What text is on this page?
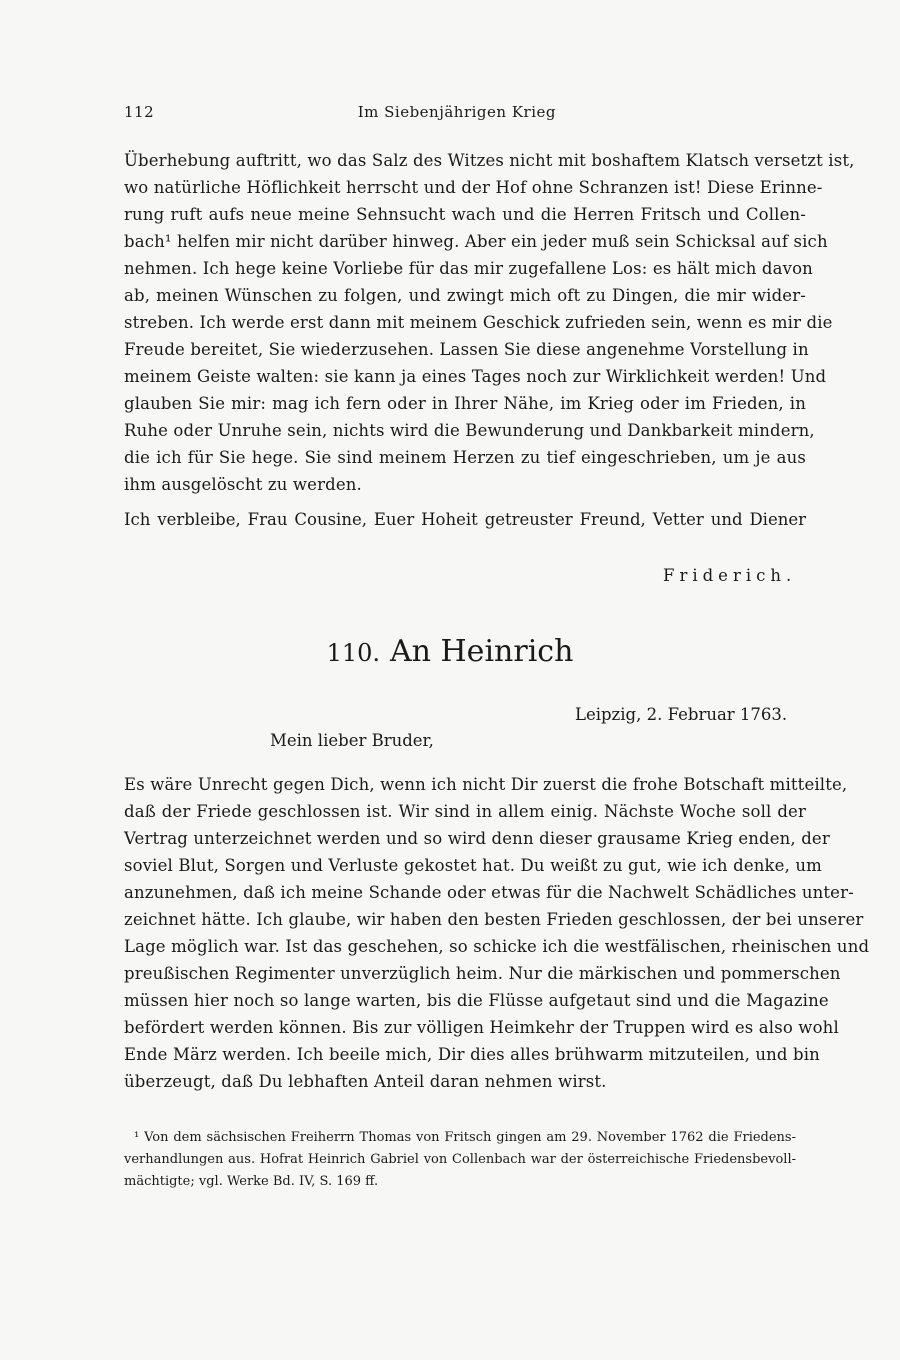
112	Im Siebenjährigen Krieg
Überhebung auftritt, wo das Salz des Witzes nicht mit boshaftem Klatsch versetzt ist,
wo natürliche Höflichkeit herrscht und der Hof ohne Schranzen ist! Diese Erinne-
rung ruft aufs neue meine Sehnsucht wach und die Herren Fritsch und Collen-
bach¹ helfen mir nicht darüber hinweg. Aber ein jeder muß sein Schicksal auf sich
nehmen. Ich hege keine Vorliebe für das mir zugefallene Los: es hält mich davon
ab, meinen Wünschen zu folgen, und zwingt mich oft zu Dingen, die mir wider-
streben. Ich werde erst dann mit meinem Geschick zufrieden sein, wenn es mir die
Freude bereitet, Sie wiederzusehen. Lassen Sie diese angenehme Vorstellung in
meinem Geiste walten: sie kann ja eines Tages noch zur Wirklichkeit werden! Und
glauben Sie mir: mag ich fern oder in Ihrer Nähe, im Krieg oder im Frieden, in
Ruhe oder Unruhe sein, nichts wird die Bewunderung und Dankbarkeit mindern,
die ich für Sie hege. Sie sind meinem Herzen zu tief eingeschrieben, um je aus
ihm ausgelöscht zu werden.
Ich verbleibe, Frau Cousine, Euer Hoheit getreuster Freund, Vetter und Diener
Friderich.
110. An Heinrich
Leipzig, 2. Februar 1763.
Mein lieber Bruder,
Es wäre Unrecht gegen Dich, wenn ich nicht Dir zuerst die frohe Botschaft mitteilte,
daß der Friede geschlossen ist. Wir sind in allem einig. Nächste Woche soll der
Vertrag unterzeichnet werden und so wird denn dieser grausame Krieg enden, der
soviel Blut, Sorgen und Verluste gekostet hat. Du weißt zu gut, wie ich denke, um
anzunehmen, daß ich meine Schande oder etwas für die Nachwelt Schädliches unter-
zeichnet hätte. Ich glaube, wir haben den besten Frieden geschlossen, der bei unserer
Lage möglich war. Ist das geschehen, so schicke ich die westfälischen, rheinischen und
preußischen Regimenter unverzüglich heim. Nur die märkischen und pommerschen
müssen hier noch so lange warten, bis die Flüsse aufgetaut sind und die Magazine
befördert werden können. Bis zur völligen Heimkehr der Truppen wird es also wohl
Ende März werden. Ich beeile mich, Dir dies alles brühwarm mitzuteilen, und bin
überzeugt, daß Du lebhaften Anteil daran nehmen wirst.
¹ Von dem sächsischen Freiherrn Thomas von Fritsch gingen am 29. November 1762 die Friedens-
verhandlungen aus. Hofrat Heinrich Gabriel von Collenbach war der österreichische Friedensbevoll-
mächtigte; vgl. Werke Bd. IV, S. 169 ff.
